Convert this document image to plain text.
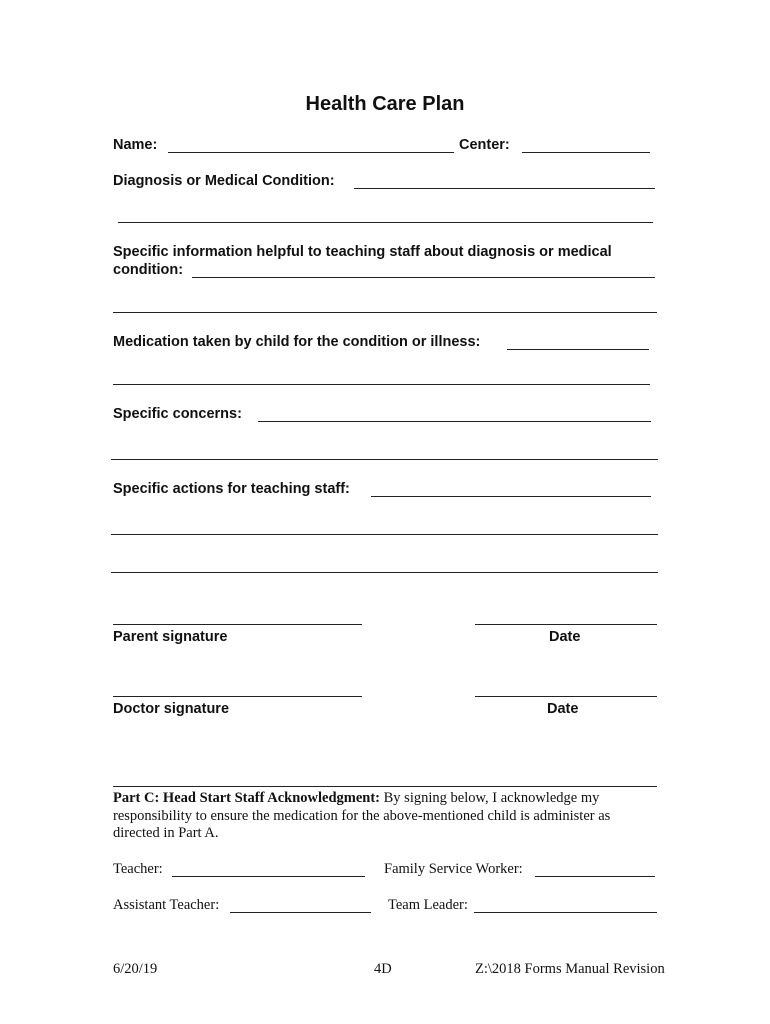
Health Care Plan
Name:	Center:
Diagnosis or Medical Condition:
Specific information helpful to teaching staff about diagnosis or medical
condition:
Medication taken by child for the condition or illness:
Specific concerns:
Specific actions for teaching staff:
Parent signature	Date
Doctor signature	Date
Part C: Head Start Staff Acknowledgment: By signing below, I acknowledge my responsibility to ensure the medication for the above-mentioned child is administer as directed in Part A.
Teacher:	Family Service Worker:
Assistant Teacher:	Team Leader:
6/20/19	4D	Z:\2018 Forms Manual Revision
